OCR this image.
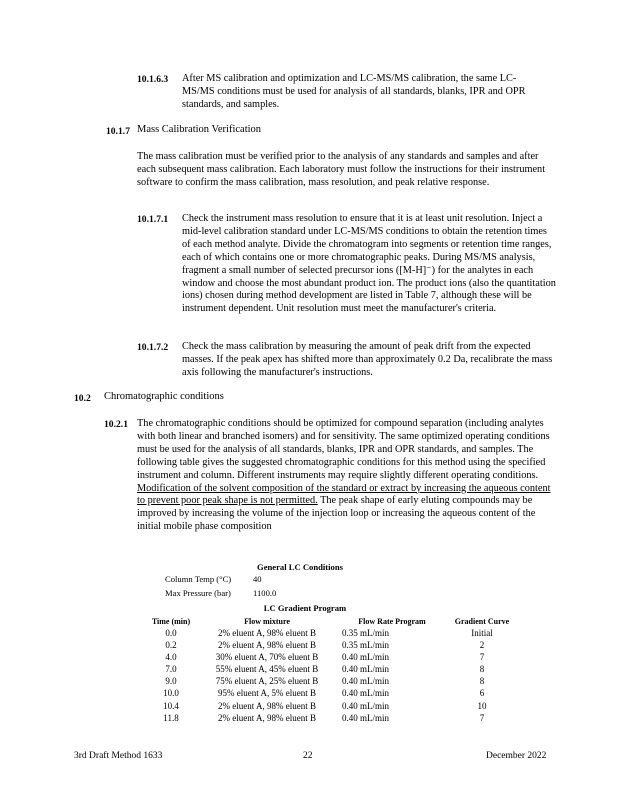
10.1.6.3 After MS calibration and optimization and LC-MS/MS calibration, the same LC-MS/MS conditions must be used for analysis of all standards, blanks, IPR and OPR standards, and samples.
10.1.7 Mass Calibration Verification
The mass calibration must be verified prior to the analysis of any standards and samples and after each subsequent mass calibration. Each laboratory must follow the instructions for their instrument software to confirm the mass calibration, mass resolution, and peak relative response.
10.1.7.1 Check the instrument mass resolution to ensure that it is at least unit resolution. Inject a mid-level calibration standard under LC-MS/MS conditions to obtain the retention times of each method analyte. Divide the chromatogram into segments or retention time ranges, each of which contains one or more chromatographic peaks. During MS/MS analysis, fragment a small number of selected precursor ions ([M-H]⁻) for the analytes in each window and choose the most abundant product ion. The product ions (also the quantitation ions) chosen during method development are listed in Table 7, although these will be instrument dependent. Unit resolution must meet the manufacturer's criteria.
10.1.7.2 Check the mass calibration by measuring the amount of peak drift from the expected masses. If the peak apex has shifted more than approximately 0.2 Da, recalibrate the mass axis following the manufacturer's instructions.
10.2 Chromatographic conditions
10.2.1 The chromatographic conditions should be optimized for compound separation (including analytes with both linear and branched isomers) and for sensitivity. The same optimized operating conditions must be used for the analysis of all standards, blanks, IPR and OPR standards, and samples. The following table gives the suggested chromatographic conditions for this method using the specified instrument and column. Different instruments may require slightly different operating conditions. Modification of the solvent composition of the standard or extract by increasing the aqueous content to prevent poor peak shape is not permitted. The peak shape of early eluting compounds may be improved by increasing the volume of the injection loop or increasing the aqueous content of the initial mobile phase composition
General LC Conditions
Column Temp (°C)	40
Max Pressure (bar)	1100.0
LC Gradient Program
Time (min)	Flow mixture	Flow Rate Program	Gradient Curve
0.0	2% eluent A, 98% eluent B	0.35 mL/min	Initial
0.2	2% eluent A, 98% eluent B	0.35 mL/min	2
4.0	30% eluent A, 70% eluent B	0.40 mL/min	7
7.0	55% eluent A, 45% eluent B	0.40 mL/min	8
9.0	75% eluent A, 25% eluent B	0.40 mL/min	8
10.0	95% eluent A, 5% eluent B	0.40 mL/min	6
10.4	2% eluent A, 98% eluent B	0.40 mL/min	10
11.8	2% eluent A, 98% eluent B	0.40 mL/min	7
3rd Draft Method 1633	22	December 2022
